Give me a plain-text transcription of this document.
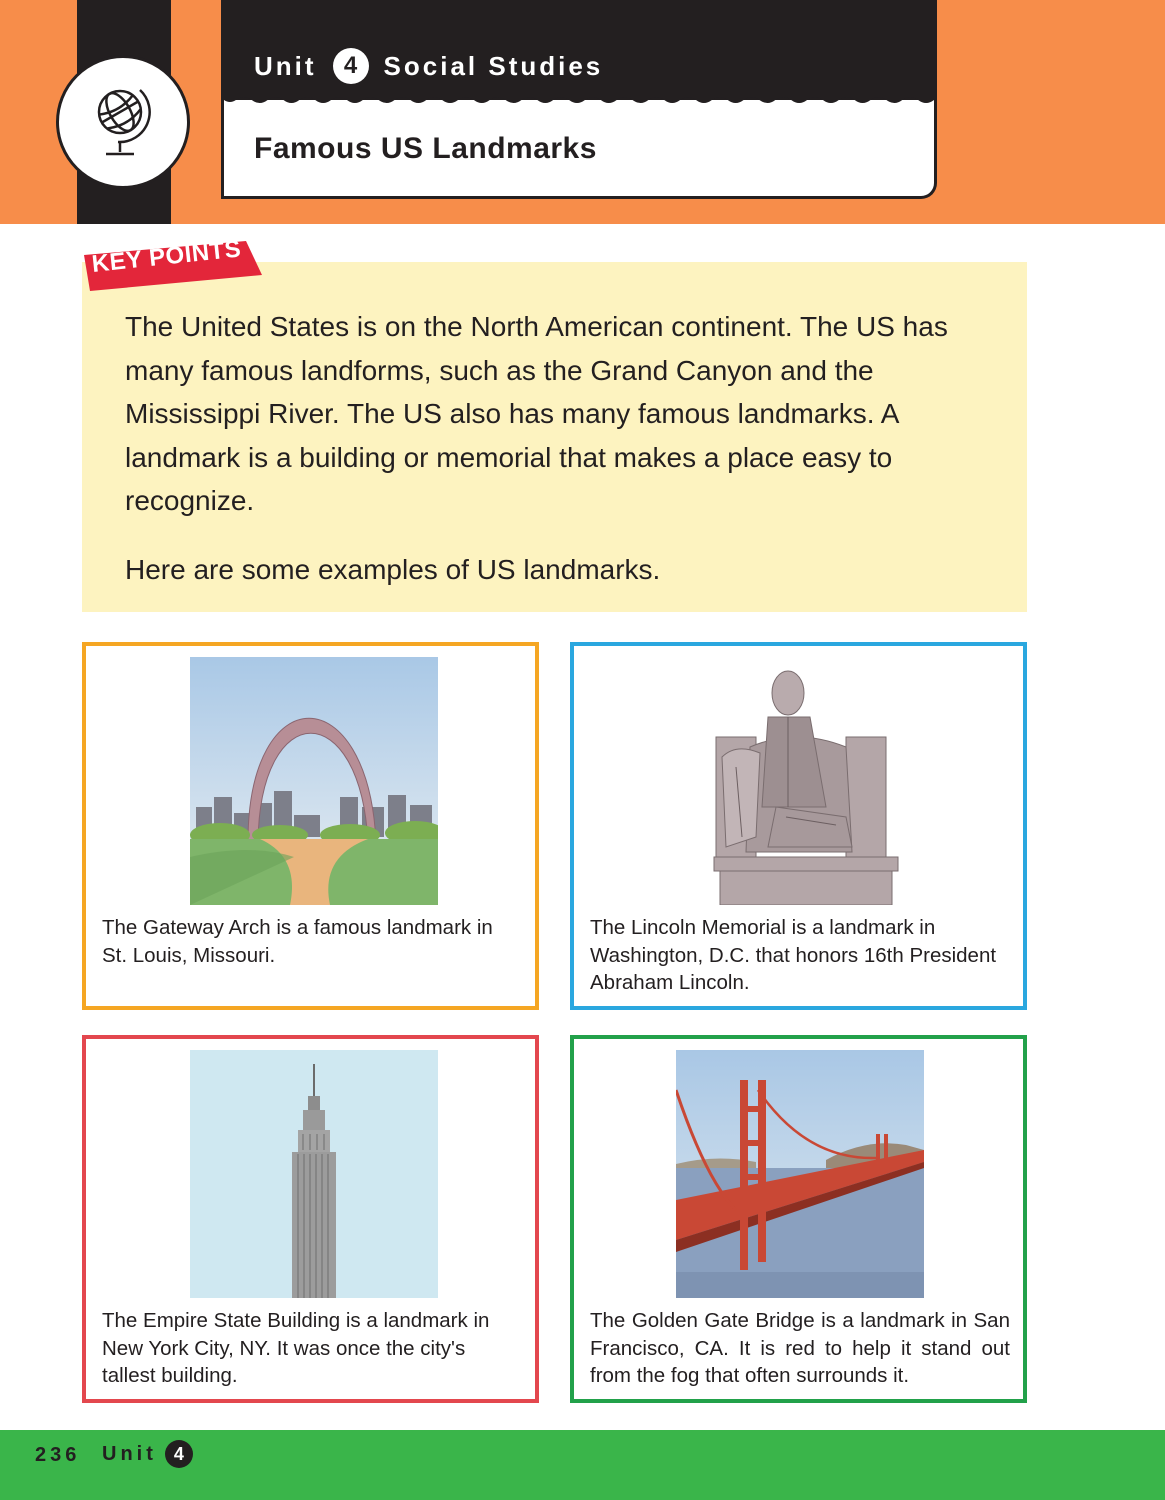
Unit	4	Social Studies
Famous US Landmarks
KEY POINTS

The United States is on the North American continent. The US has many famous landforms, such as the Grand Canyon and the Mississippi River. The US also has many famous landmarks. A landmark is a building or memorial that makes a place easy to recognize.

Here are some examples of US landmarks.

The Gateway Arch is a famous landmark in St. Louis, Missouri.
The Lincoln Memorial is a landmark in Washington, D.C. that honors 16th President Abraham Lincoln.
The Empire State Building is a landmark in New York City, NY. It was once the city's tallest building.
The Golden Gate Bridge is a landmark in San Francisco, CA. It is red to help it stand out from the fog that often surrounds it.
236 Unit 4
